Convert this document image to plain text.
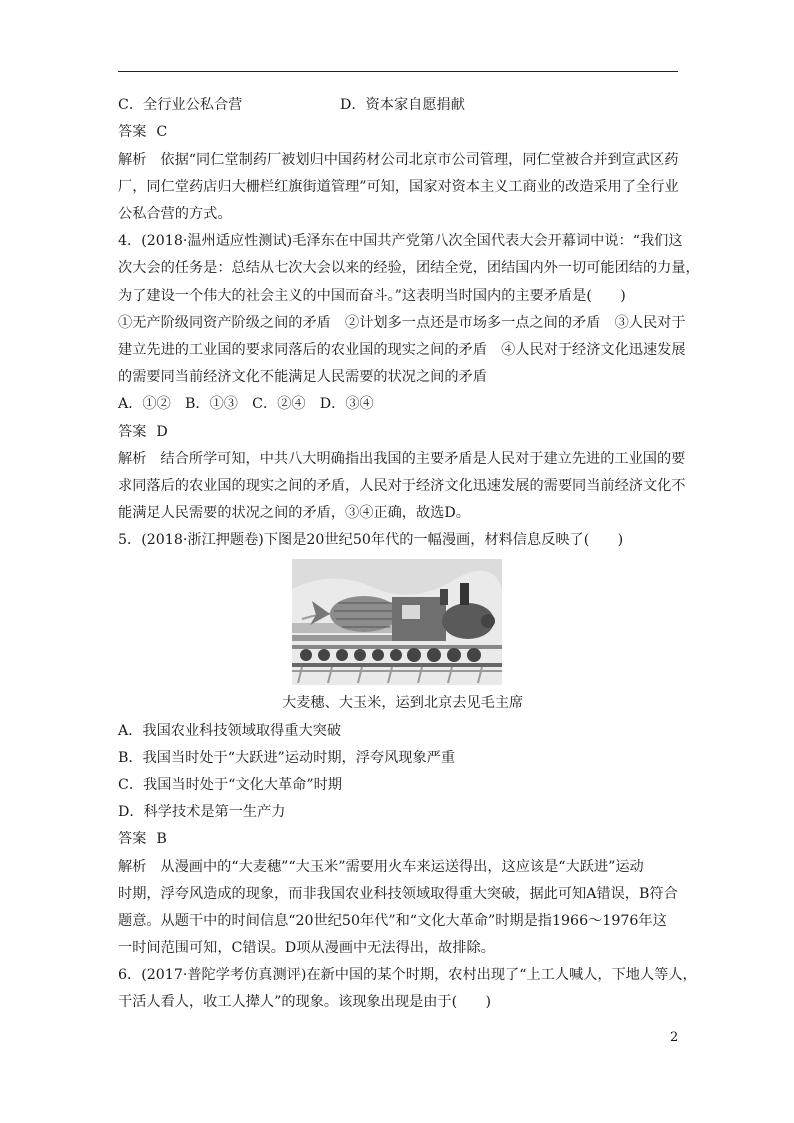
C．全行业公私合营	D．资本家自愿捐献
答案 C
解析 依据“同仁堂制药厂被划归中国药材公司北京市公司管理，同仁堂被合并到宣武区药
厂，同仁堂药店归大栅栏红旗街道管理”可知，国家对资本主义工商业的改造采用了全行业
公私合营的方式。
4．(2018·温州适应性测试)毛泽东在中国共产党第八次全国代表大会开幕词中说：“我们这
次大会的任务是：总结从七次大会以来的经验，团结全党，团结国内外一切可能团结的力量，
为了建设一个伟大的社会主义的中国而奋斗。”这表明当时国内的主要矛盾是(　　)
①无产阶级同资产阶级之间的矛盾　②计划多一点还是市场多一点之间的矛盾　③人民对于
建立先进的工业国的要求同落后的农业国的现实之间的矛盾　④人民对于经济文化迅速发展
的需要同当前经济文化不能满足人民需要的状况之间的矛盾
A．①②　B．①③　C．②④　D．③④
答案 D
解析 结合所学可知，中共八大明确指出我国的主要矛盾是人民对于建立先进的工业国的要
求同落后的农业国的现实之间的矛盾，人民对于经济文化迅速发展的需要同当前经济文化不
能满足人民需要的状况之间的矛盾，③④正确，故选D。
5．(2018·浙江押题卷)下图是20世纪50年代的一幅漫画，材料信息反映了(　　)
大麦穗、大玉米，运到北京去见毛主席
A．我国农业科技领域取得重大突破
B．我国当时处于“大跃进”运动时期，浮夸风现象严重
C．我国当时处于“文化大革命”时期
D．科学技术是第一生产力
答案 B
解析 从漫画中的“大麦穗”“大玉米”需要用火车来运送得出，这应该是“大跃进”运动
时期，浮夸风造成的现象，而非我国农业科技领域取得重大突破，据此可知A错误，B符合
题意。从题干中的时间信息“20世纪50年代”和“文化大革命”时期是指1966～1976年这
一时间范围可知，C错误。D项从漫画中无法得出，故排除。
6．(2017·普陀学考仿真测评)在新中国的某个时期，农村出现了“上工人喊人，下地人等人，
干活人看人，收工人撵人”的现象。该现象出现是由于(　　)
2
